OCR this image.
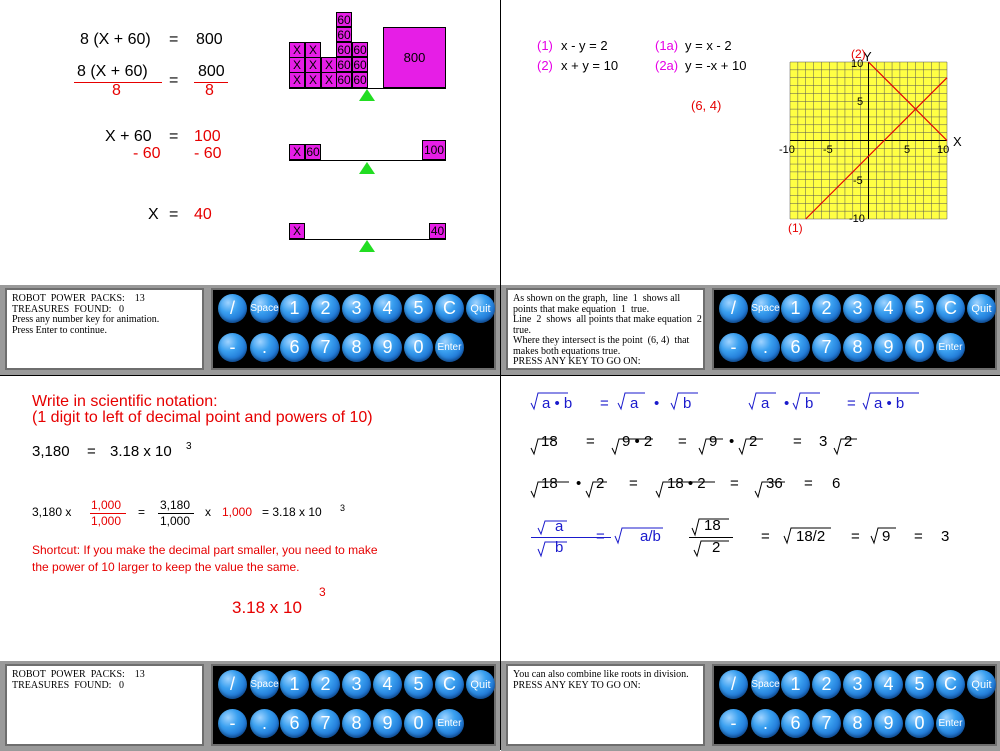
8 (X + 60) = 800
8 (X + 60)
8
=
800
8
X + 60 = 100
- 60 - 60
X = 40
X X
X X X
X X X
60
60
60 60
60 60
60 60
800
X 60	100
X	40
ROBOT  POWER  PACKS:    13
TREASURES  FOUND:   0
Press any number key for animation.
Press Enter to continue.
/	Space 1	2	3	4	5	C	Quit
-	.	6	7	8	9	0	Enter
(1) x - y = 2	(1a) y = x - 2
(2) x + y = 10	(2a) y = -x + 10
(6, 4)
X
Y
(2)
(1)
-10	-5	5 10
10
5
-5
-10
As shown on the graph,  line  1  shows all
points that make equation  1  true.
Line  2  shows  all points that make equation  2
true.
Where they intersect is the point  (6, 4)  that
makes both equations true.
PRESS ANY KEY TO GO ON:
/	Space 1	2	3	4	5	C	Quit
-	.	6	7	8	9	0	Enter
Write in scientific notation:
(1 digit to left of decimal point and powers of 10)
3,180 = 3.18 x 10 3
3,180 x 1,000
1,000
= 3,180
1,000
x 1,000 = 3.18 x 10 3
Shortcut: If you make the decimal part smaller, you need to make
the power of 10 larger to keep the value the same.
3.18 x 10
3
ROBOT  POWER  PACKS:    13
TREASURES  FOUND:   0	/	Space 1	2	3	4	5	C	Quit
-	.	6	7	8	9	0	Enter
a • b = a • b	a • b = a • b
18 = 9 • 2 = 9 • 2 = 3 2
18 • 2 = 18 • 2 = 36 = 6
a
b
= a/b
18
2
= 18/2 = 9 = 3
You can also combine like roots in division.
PRESS ANY KEY TO GO ON:	/	Space 1	2	3	4	5	C	Quit
-	.	6	7	8	9	0	Enter
